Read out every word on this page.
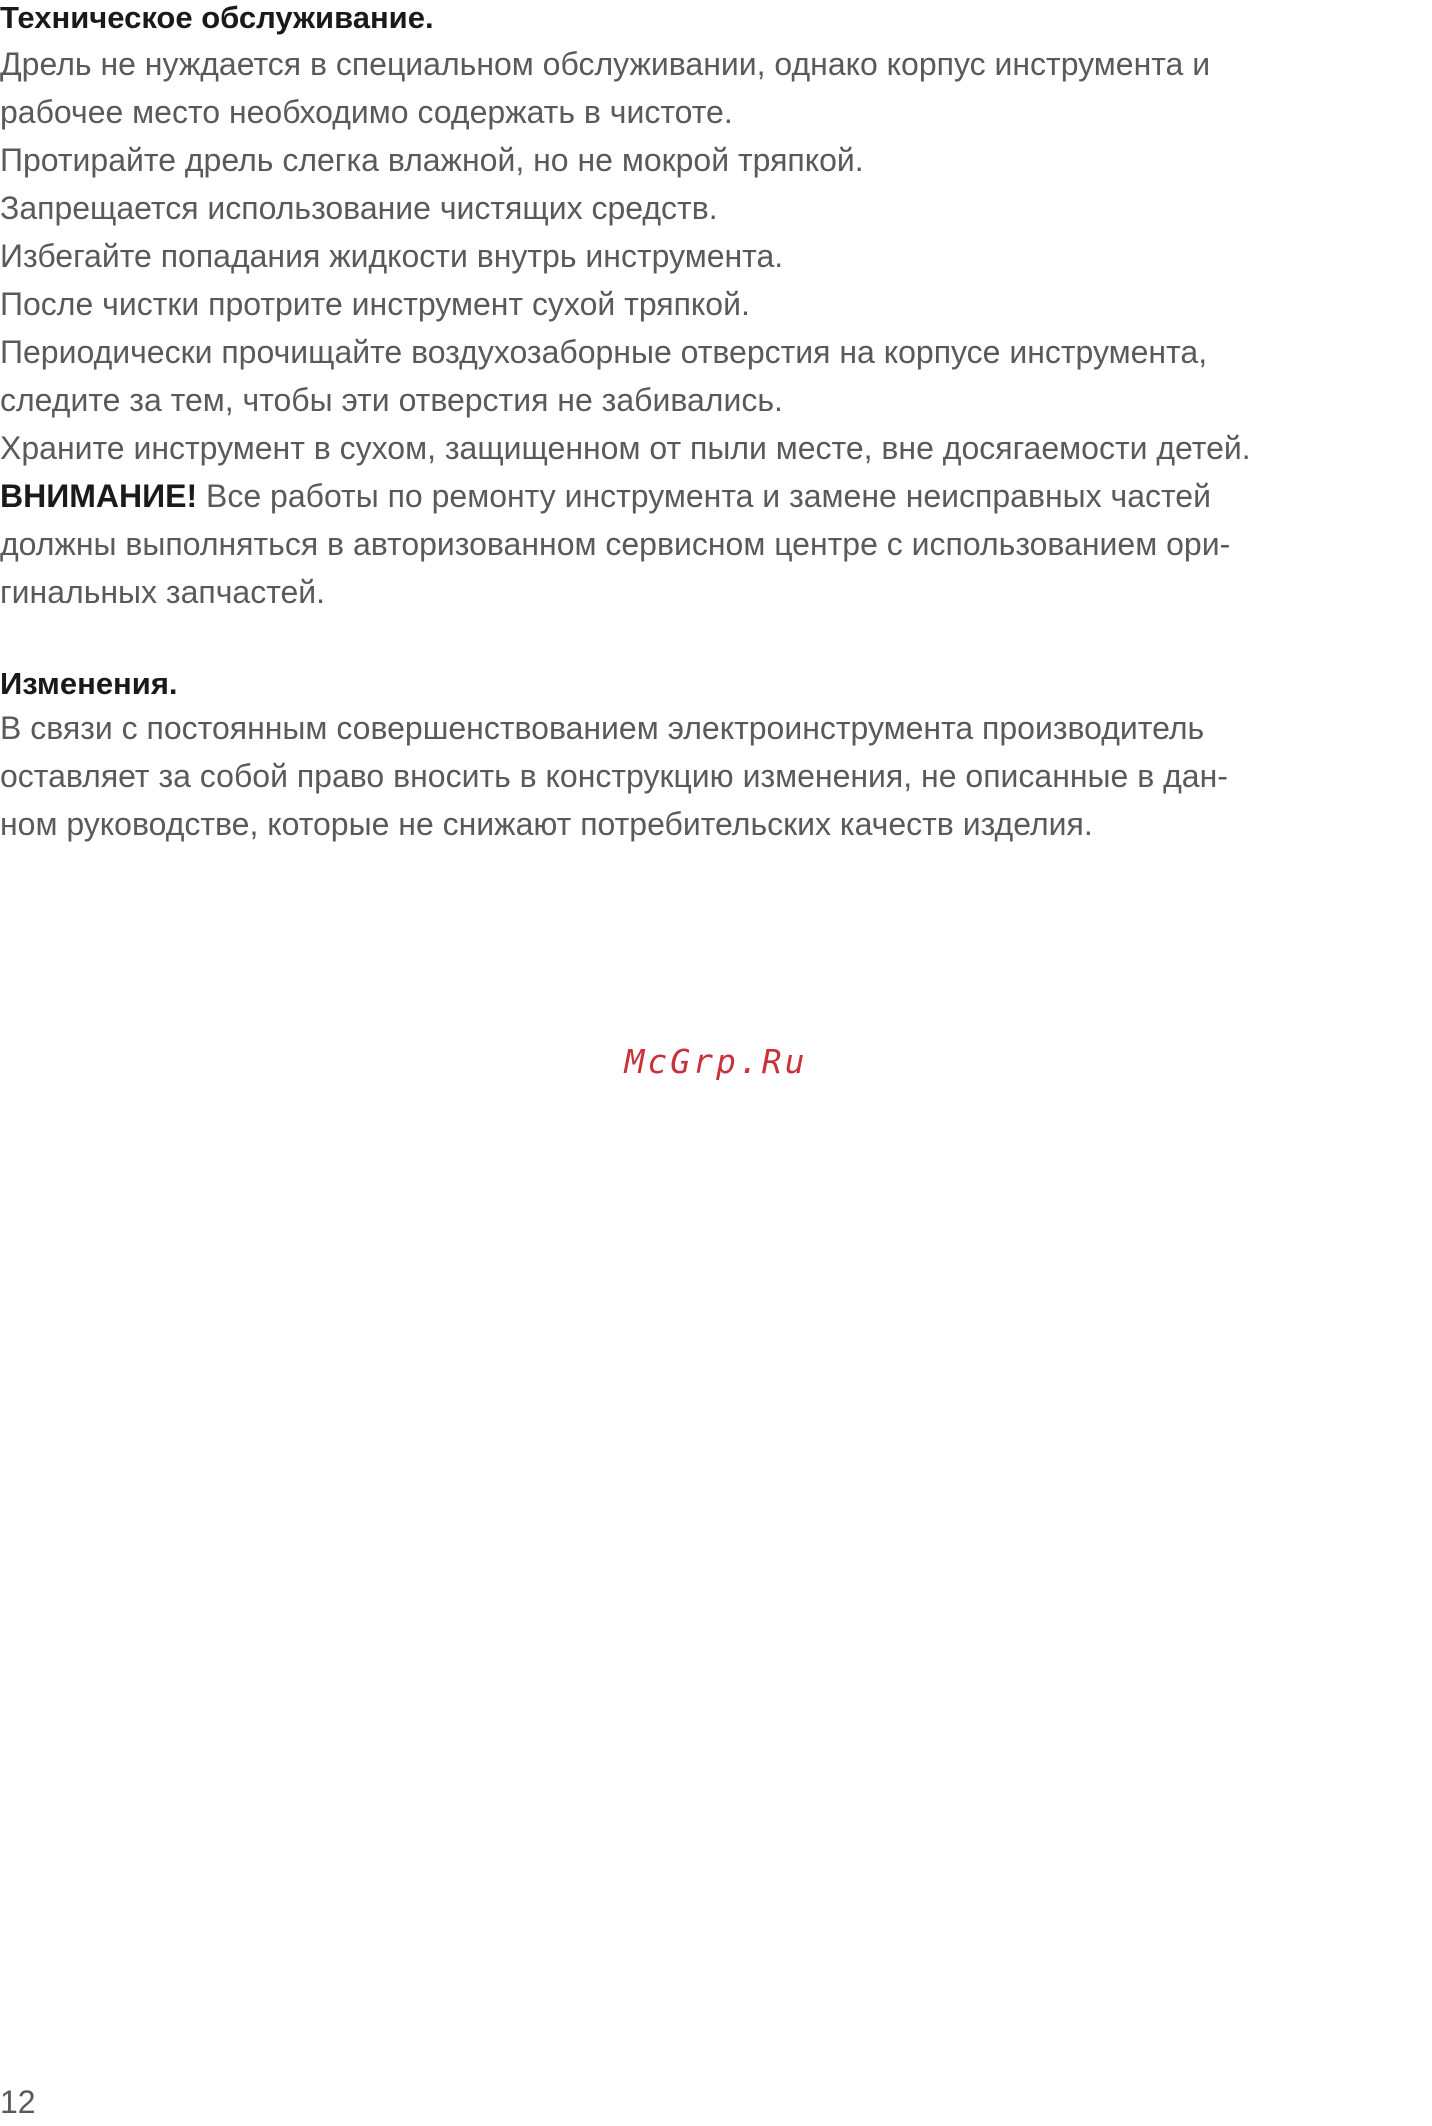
Техническое обслуживание.

Дрель не нуждается в специальном обслуживании, однако корпус инструмента и

рабочее место необходимо содержать в чистоте.

Протирайте дрель слегка влажной, но не мокрой тряпкой.

Запрещается использование чистящих средств.

Избегайте попадания жидкости внутрь инструмента.

После чистки протрите инструмент сухой тряпкой.

Периодически прочищайте воздухозаборные отверстия на корпусе инструмента,

следите за тем, чтобы эти отверстия не забивались.

Храните инструмент в сухом, защищенном от пыли месте, вне досягаемости детей.

ВНИМАНИЕ! Все работы по ремонту инструмента и замене неисправных частей

должны выполняться в авторизованном сервисном центре с использованием ори-

гинальных запчастей.

Изменения.

В связи с постоянным совершенствованием электроинструмента производитель

оставляет за собой право вносить в конструкцию изменения, не описанные в дан-

ном руководстве, которые не снижают потребительских качеств изделия.

McGrp.Ru
12
